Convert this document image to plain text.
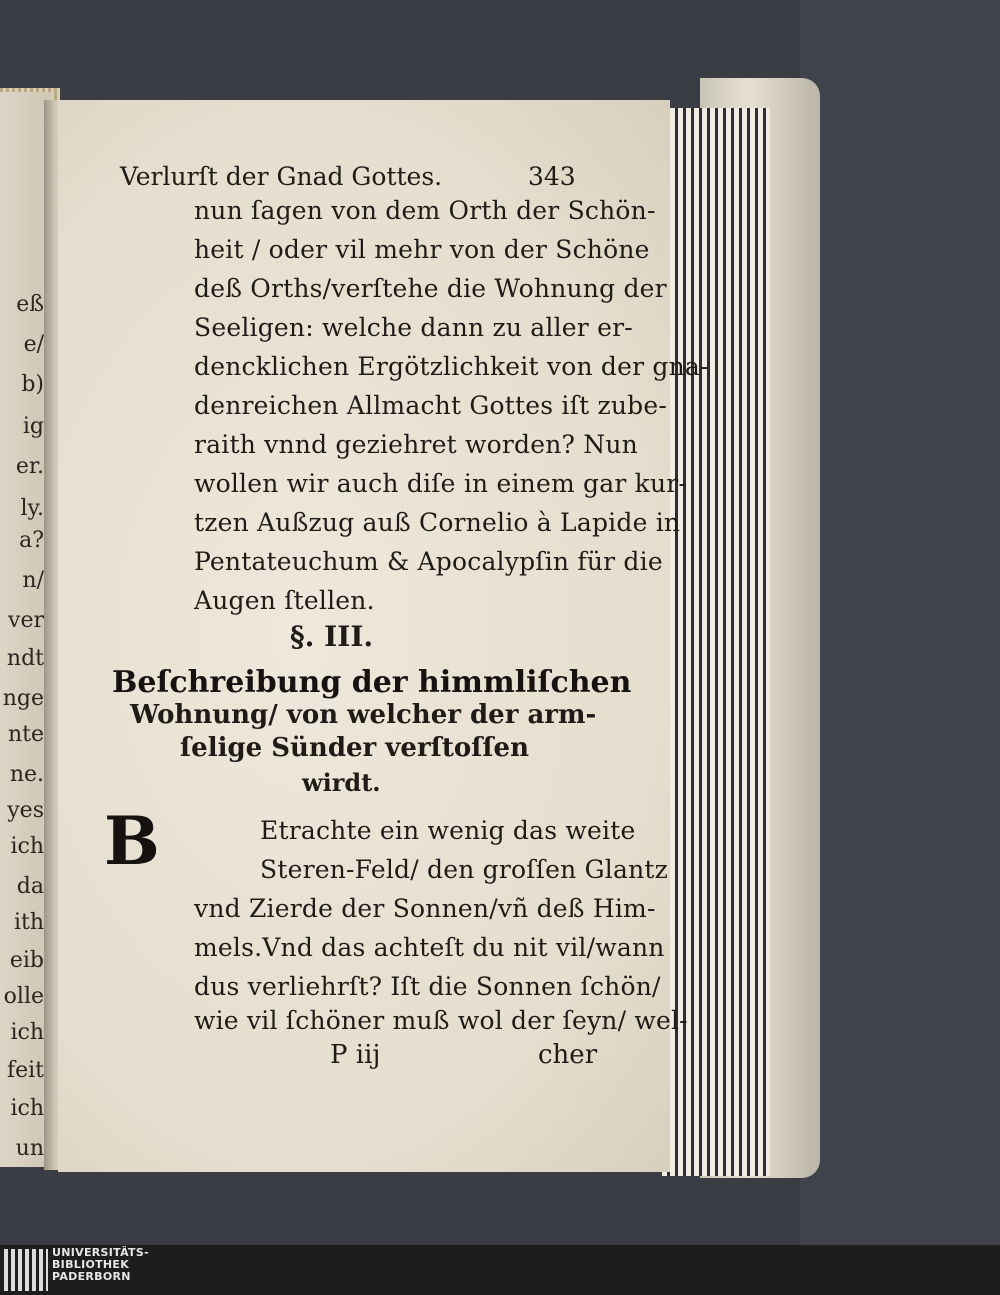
eß
e/
b)
ig
er.
ly.
a?
n/
ver
ndt
nge
nte
ne.
yes
ich
da
ith
eib
olle
ich
feit
ich
un
Verlurſt der Gnad Gottes.	343
nun ſagen von dem Orth der Schön-
heit / oder vil mehr von der Schöne
deß Orths/verſtehe die Wohnung der
Seeligen: welche dann zu aller er-
dencklichen Ergötzlichkeit von der gna-
denreichen Allmacht Gottes iſt zube-
raith vnnd geziehret worden? Nun
wollen wir auch diſe in einem gar kur-
tzen Außzug auß Cornelio à Lapide in
Pentateuchum & Apocalypſin für die
Augen ſtellen.
§. III.
Beſchreibung der himmliſchen
Wohnung/ von welcher der arm-
ſelige Sünder verſtoſſen
wirdt.
B	Etrachte ein wenig das weite
Steren-Feld/ den groſſen Glantz
vnd Zierde der Sonnen/vñ deß Him-
mels.Vnd das achteſt du nit vil/wann
dus verliehrſt? Iſt die Sonnen ſchön/
wie vil ſchöner muß wol der ſeyn/ wel-
P iij	cher
UNIVERSITÄTS-
BIBLIOTHEK
PADERBORN
